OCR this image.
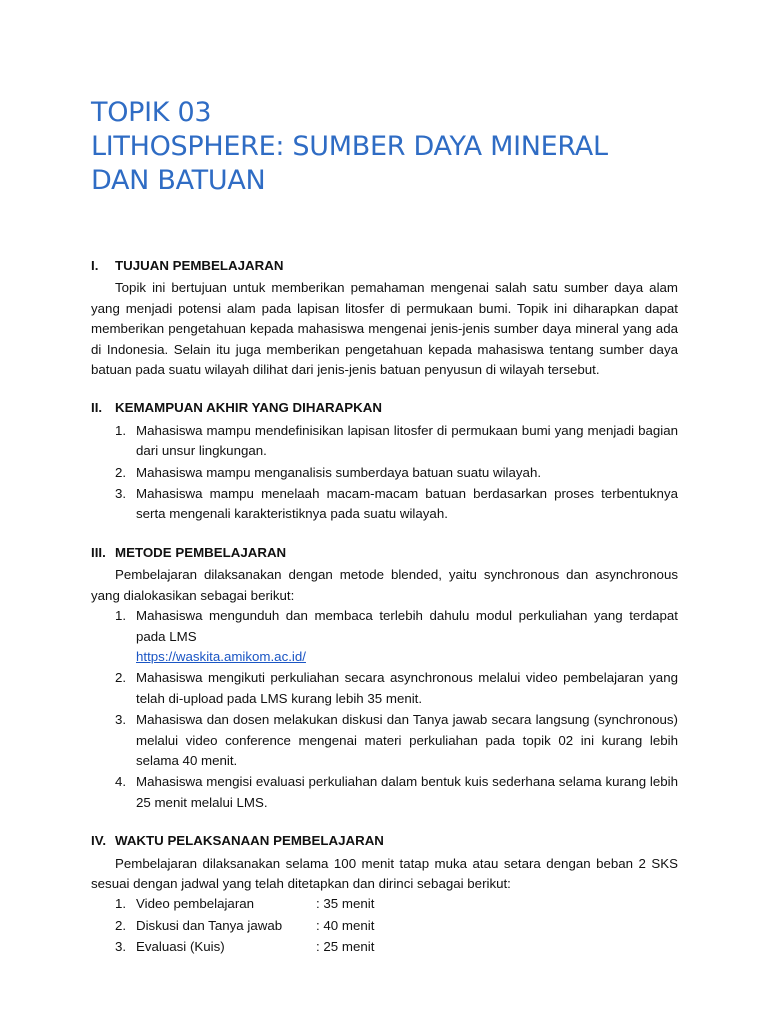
TOPIK 03
LITHOSPHERE: SUMBER DAYA MINERAL
DAN BATUAN
I.	TUJUAN PEMBELAJARAN

Topik ini bertujuan untuk memberikan pemahaman mengenai salah satu sumber daya alam yang menjadi potensi alam pada lapisan litosfer di permukaan bumi. Topik ini diharapkan dapat memberikan pengetahuan kepada mahasiswa mengenai jenis-jenis sumber daya mineral yang ada di Indonesia. Selain itu juga memberikan pengetahuan kepada mahasiswa tentang sumber daya batuan pada suatu wilayah dilihat dari jenis-jenis batuan penyusun di wilayah tersebut.

II. KEMAMPUAN AKHIR YANG DIHARAPKAN
1. Mahasiswa mampu mendefinisikan lapisan litosfer di permukaan bumi yang menjadi bagian dari unsur lingkungan.
2. Mahasiswa mampu menganalisis sumberdaya batuan suatu wilayah.
3. Mahasiswa mampu menelaah macam-macam batuan berdasarkan proses terbentuknya serta mengenali karakteristiknya pada suatu wilayah.
III. METODE PEMBELAJARAN

Pembelajaran dilaksanakan dengan metode blended, yaitu synchronous dan asynchronous yang dialokasikan sebagai berikut:

1. Mahasiswa mengunduh dan membaca terlebih dahulu modul perkuliahan yang terdapat pada LMS
https://waskita.amikom.ac.id/
2. Mahasiswa mengikuti perkuliahan secara asynchronous melalui video pembelajaran yang telah di-upload pada LMS kurang lebih 35 menit.
3. Mahasiswa dan dosen melakukan diskusi dan Tanya jawab secara langsung (synchronous) melalui video conference mengenai materi perkuliahan pada topik 02 ini kurang lebih selama 40 menit.
4. Mahasiswa mengisi evaluasi perkuliahan dalam bentuk kuis sederhana selama kurang lebih 25 menit melalui LMS.
IV. WAKTU PELAKSANAAN PEMBELAJARAN

Pembelajaran dilaksanakan selama 100 menit tatap muka atau setara dengan beban 2 SKS sesuai dengan jadwal yang telah ditetapkan dan dirinci sebagai berikut:

1. Video pembelajaran	: 35 menit
2. Diskusi dan Tanya jawab	: 40 menit
3. Evaluasi (Kuis)	: 25 menit
